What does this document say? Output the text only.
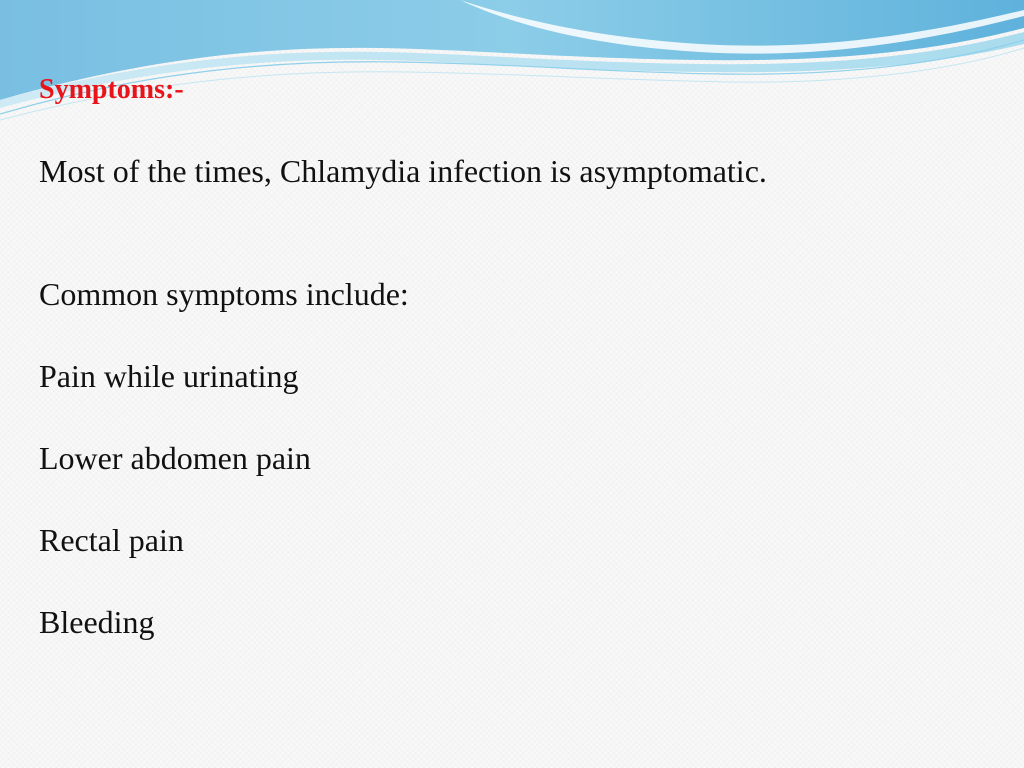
Symptoms:-

Most of the times, Chlamydia infection is asymptomatic.

Common symptoms include:

Pain while urinating

Lower abdomen pain

Rectal pain

Bleeding
